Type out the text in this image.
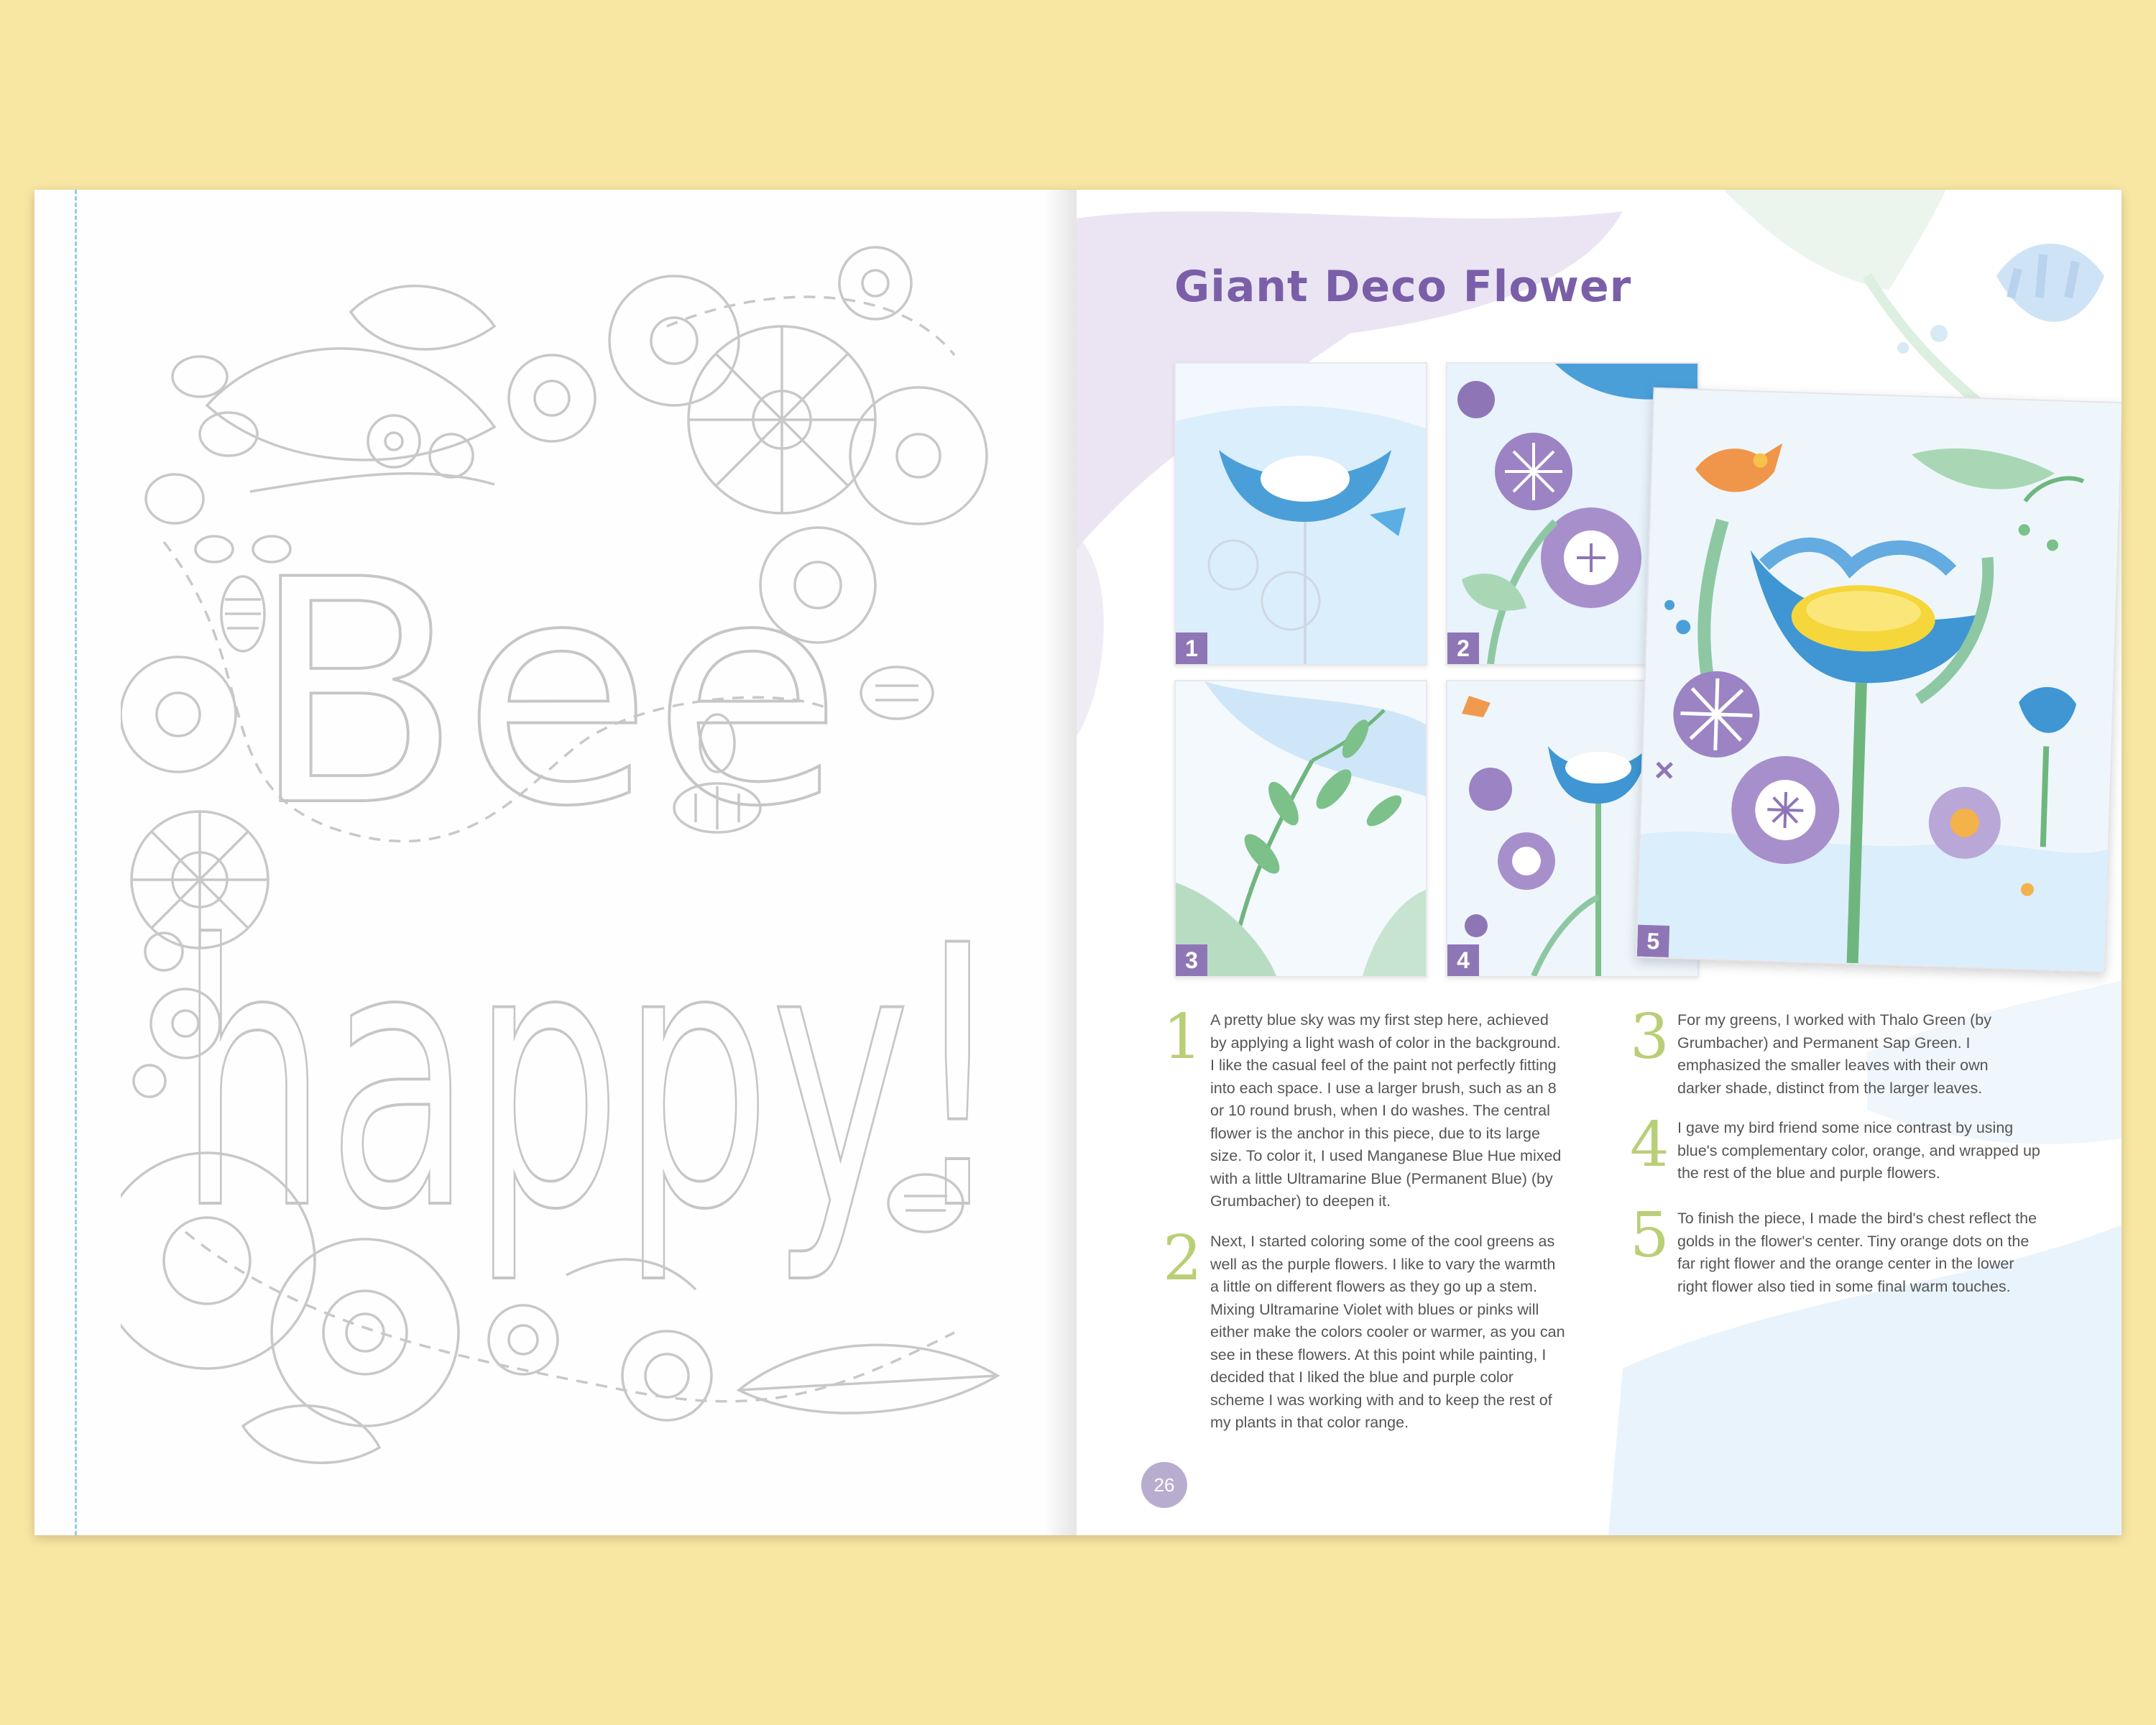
Bee
happy!
Giant Deco Flower
1	2
3	4
5
1 A pretty blue sky was my first step here, achieved by applying a light wash of color in the background. I like the casual feel of the paint not perfectly fitting into each space. I use a larger brush, such as an 8 or 10 round brush, when I do washes. The central flower is the anchor in this piece, due to its large size. To color it, I used Manganese Blue Hue mixed with a little Ultramarine Blue (Permanent Blue) (by Grumbacher) to deepen it.

2 Next, I started coloring some of the cool greens as well as the purple flowers. I like to vary the warmth a little on different flowers as they go up a stem. Mixing Ultramarine Violet with blues or pinks will either make the colors cooler or warmer, as you can see in these flowers. At this point while painting, I decided that I liked the blue and purple color scheme I was working with and to keep the rest of my plants in that color range.

3 For my greens, I worked with Thalo Green (by Grumbacher) and Permanent Sap Green. I emphasized the smaller leaves with their own darker shade, distinct from the larger leaves.

4 I gave my bird friend some nice contrast by using blue's complementary color, orange, and wrapped up the rest of the blue and purple flowers.

5 To finish the piece, I made the bird's chest reflect the golds in the flower's center. Tiny orange dots on the far right flower and the orange center in the lower right flower also tied in some final warm touches.

26
